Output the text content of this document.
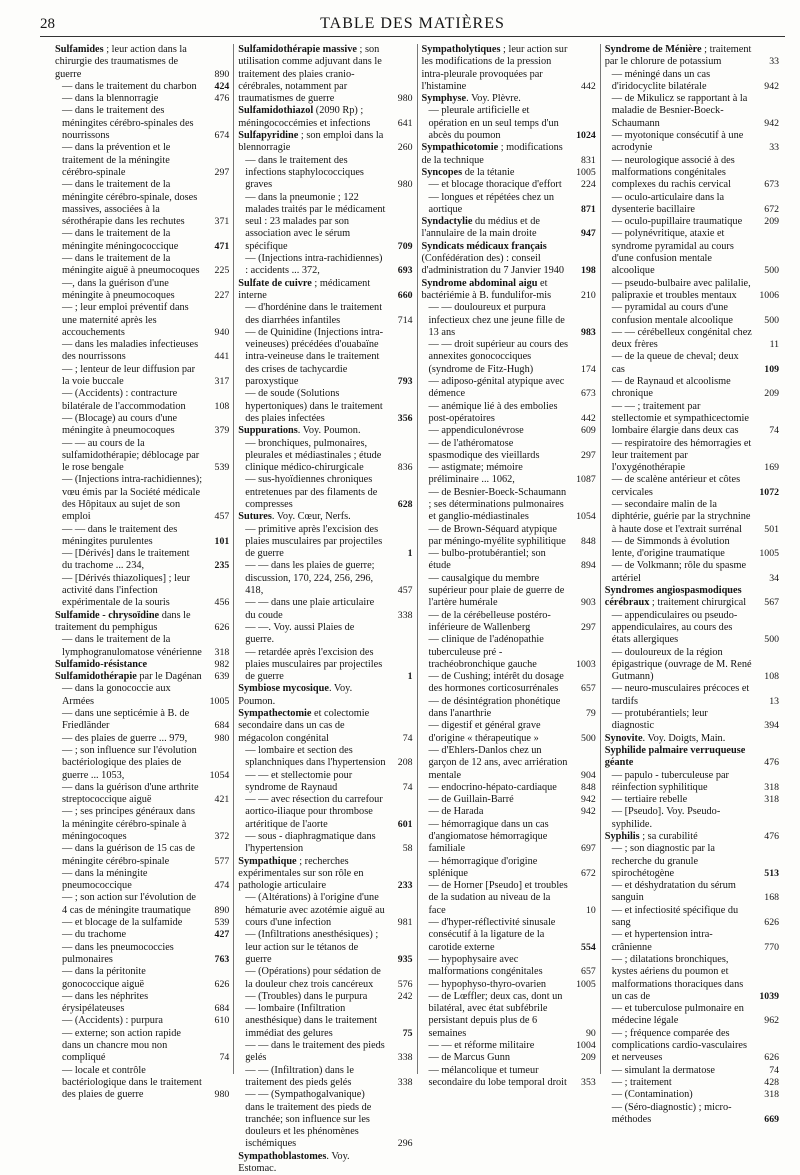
28	TABLE DES MATIÈRES
Sulfamides ; leur action dans la chirurgie des traumatismes de guerre	890
— dans le traitement du charbon	424
— dans la blennorragie	476
— dans le traitement des méningites cérébro-spinales des nourrissons	674
— dans la prévention et le traitement de la méningite cérébro-spinale	297
— dans le traitement de la méningite cérébro-spinale, doses massives, associées à la sérothérapie dans les rechutes	371
— dans le traitement de la méningite méningococcique	471
— dans le traitement de la méningite aiguë à pneumocoques	225
—, dans la guérison d'une méningite à pneumocoques	227
— ; leur emploi préventif dans une maternité après les accouchements	940
— dans les maladies infectieuses des nourrissons	441
— ; lenteur de leur diffusion par la voie buccale	317
— (Accidents) : contracture bilatérale de l'accommodation	108
— (Blocage) au cours d'une méningite à pneumocoques	379
— — au cours de la sulfamidothérapie; déblocage par le rose bengale	539
— (Injections intra-rachidiennes); vœu émis par la Société médicale des Hôpitaux au sujet de son emploi	457
— — dans le traitement des méningites purulentes	101
— [Dérivés] dans le traitement du trachome ... 234,	235
— [Dérivés thiazoliques] ; leur activité dans l'infection expérimentale de la souris	456
Sulfamide - chrysoïdine dans le traitement du pemphigus	626
— dans le traitement de la lymphogranulomatose vénérienne	318
Sulfamido-résistance	982
Sulfamidothérapie par le Dagénan	639
— dans la gonococcie aux Armées	1005
— dans une septicémie à B. de Friedländer	684
— des plaies de guerre ... 979,	980
— ; son influence sur l'évolution bactériologique des plaies de guerre ... 1053,	1054
— dans la guérison d'une arthrite streptococcique aiguë	421
— ; ses principes généraux dans la méningite cérébro-spinale à méningocoques	372
— dans la guérison de 15 cas de méningite cérébro-spinale	577
— dans la méningite pneumococcique	474
— ; son action sur l'évolution de 4 cas de méningite traumatique	890
— et blocage de la sulfamide	539
— du trachome	427
— dans les pneumococcies pulmonaires	763
— dans la péritonite gonococcique aiguë	626
— dans les néphrites érysipélateuses	684
— (Accidents) : purpura	610
— externe; son action rapide dans un chancre mou non compliqué	74
— locale et contrôle bactériologique dans le traitement des plaies de guerre	980
Sulfamidothérapie massive ; son utilisation comme adjuvant dans le traitement des plaies cranio-cérébrales, notamment par traumatismes de guerre	980
Sulfamidothiazol (2090 Rp) ; méningococcémies et infections	641
Sulfapyridine ; son emploi dans la blennorragie	260
— dans le traitement des infections staphylococciques graves	980
— dans la pneumonie ; 122 malades traités par le médicament seul : 23 malades par son association avec le sérum spécifique	709
— (Injections intra-rachidiennes) : accidents ... 372,	693
Sulfate de cuivre ; médicament interne	660
— d'hordénine dans le traitement des diarrhées infantiles	714
— de Quinidine (Injections intra-veineuses) précédées d'ouabaïne intra-veineuse dans le traitement des crises de tachycardie paroxystique	793
— de soude (Solutions hypertoniques) dans le traitement des plaies infectées	356
Suppurations. Voy. Poumon.
— bronchiques, pulmonaires, pleurales et médiastinales ; étude clinique médico-chirurgicale	836
— sus-hyoïdiennes chroniques entretenues par des filaments de compresses	628
Sutures. Voy. Cœur, Nerfs.
— primitive après l'excision des plaies musculaires par projectiles de guerre	1
— — dans les plaies de guerre; discussion, 170, 224, 256, 296, 418,	457
— — dans une plaie articulaire du coude	338
— —. Voy. aussi Plaies de guerre.
— retardée après l'excision des plaies musculaires par projectiles de guerre	1
Symbiose mycosique. Voy. Poumon.
Sympathectomie et colectomie secondaire dans un cas de mégacolon congénital	74
— lombaire et section des splanchniques dans l'hypertension	208
— — et stellectomie pour syndrome de Raynaud	74
— — avec résection du carrefour aortico-iliaque pour thrombose artéritique de l'aorte	601
— sous - diaphragmatique dans l'hypertension	58
Sympathique ; recherches expérimentales sur son rôle en pathologie articulaire	233
— (Altérations) à l'origine d'une hématurie avec azotémie aiguë au cours d'une infection	981
— (Infiltrations anesthésiques) ; leur action sur le tétanos de guerre	935
— (Opérations) pour sédation de la douleur chez trois cancéreux	576
— (Troubles) dans le purpura	242
— lombaire (Infiltration anesthésique) dans le traitement immédiat des gelures	75
— — dans le traitement des pieds gelés	338
— — (Infiltration) dans le traitement des pieds gelés	338
— — (Sympathogalvanique) dans le traitement des pieds de tranchée; son influence sur les douleurs et les phénomènes ischémiques	296
Sympathoblastomes. Voy. Estomac.
Sympatholytiques ; leur action sur les modifications de la pression intra-pleurale provoquées par l'histamine	442
Symphyse. Voy. Plèvre.
— pleurale artificielle et opération en un seul temps d'un abcès du poumon	1024
Sympathicotomie ; modifications de la technique	831
Syncopes de la tétanie	1005
— et blocage thoracique d'effort	224
— longues et répétées chez un aortique	871
Syndactylie du médius et de l'annulaire de la main droite	947
Syndicats médicaux français (Confédération des) : conseil d'administration du 7 Janvier 1940	198
Syndrome abdominal aigu et bactériémie à B. fundulifor-mis	210
— — douloureux et purpura infectieux chez une jeune fille de 13 ans	983
— — droit supérieur au cours des annexites gonococciques (syndrome de Fitz-Hugh)	174
— adiposo-génital atypique avec démence	673
— anémique lié à des embolies post-opératoires	442
— appendiculonévrose	609
— de l'athéromatose spasmodique des vieillards	297
— astigmate; mémoire préliminaire ... 1062,	1087
— de Besnier-Boeck-Schaumann ; ses déterminations pulmonaires et ganglio-médiastinales	1054
— de Brown-Séquard atypique par méningo-myélite syphilitique	848
— bulbo-protubérantiel; son étude	894
— causalgique du membre supérieur pour plaie de guerre de l'artère humérale	903
— de la cérébelleuse postéro-inférieure de Wallenberg	297
— clinique de l'adénopathie tuberculeuse pré - trachéobronchique gauche	1003
— de Cushing; intérêt du dosage des hormones corticosurrénales	657
— de désintégration phonétique dans l'anarthrie	79
— digestif et général grave d'origine « thérapeutique »	500
— d'Ehlers-Danlos chez un garçon de 12 ans, avec arriération mentale	904
— endocrino-hépato-cardiaque	848
— de Guillain-Barré	942
— de Harada	942
— hémorragique dans un cas d'angiomatose hémorragique familiale	697
— hémorragique d'origine splénique	672
— de Horner [Pseudo] et troubles de la sudation au niveau de la face	10
— d'hyper-réflectivité sinusale consécutif à la ligature de la carotide externe	554
— hypophysaire avec malformations congénitales	657
— hypophyso-thyro-ovarien	1005
— de Lœffler; deux cas, dont un bilatéral, avec état subfébrile persistant depuis plus de 6 semaines	90
— — et réforme militaire	1004
— de Marcus Gunn	209
— mélancolique et tumeur secondaire du lobe temporal droit	353
Syndrome de Ménière ; traitement par le chlorure de potassium	33
— méningé dans un cas d'iridocyclite bilatérale	942
— de Mikulicz se rapportant à la maladie de Besnier-Boeck-Schaumann	942
— myotonique consécutif à une acrodynie	33
— neurologique associé à des malformations congénitales complexes du rachis cervical	673
— oculo-articulaire dans la dysenterie bacillaire	672
— oculo-pupillaire traumatique	209
— polynévritique, ataxie et syndrome pyramidal au cours d'une confusion mentale alcoolique	500
— pseudo-bulbaire avec palilalie, palipraxie et troubles mentaux	1006
— pyramidal au cours d'une confusion mentale alcoolique	500
— — cérébelleux congénital chez deux frères	11
— de la queue de cheval; deux cas	109
— de Raynaud et alcoolisme chronique	209
— — ; traitement par stellectomie et sympathicectomie lombaire élargie dans deux cas	74
— respiratoire des hémorragies et leur traitement par l'oxygénothérapie	169
— de scalène antérieur et côtes cervicales	1072
— secondaire malin de la diphtérie, guérie par la strychnine à haute dose et l'extrait surrénal	501
— de Simmonds à évolution lente, d'origine traumatique	1005
— de Volkmann; rôle du spasme artériel	34
Syndromes angiospasmodiques cérébraux ; traitement chirurgical	567
— appendiculaires ou pseudo-appendiculaires, au cours des états allergiques	500
— douloureux de la région épigastrique (ouvrage de M. René Gutmann)	108
— neuro-musculaires précoces et tardifs	13
— protubérantiels; leur diagnostic	394
Synovite. Voy. Doigts, Main.
Syphilide palmaire verruqueuse géante	476
— papulo - tuberculeuse par réinfection syphilitique	318
— tertiaire rebelle	318
— [Pseudo]. Voy. Pseudo-syphilide.
Syphilis ; sa curabilité	476
— ; son diagnostic par la recherche du granule spirochétogène	513
— et déshydratation du sérum sanguin	168
— et infectiosité spécifique du sang	626
— et hypertension intra-crânienne	770
— ; dilatations bronchiques, kystes aériens du poumon et malformations thoraciques dans un cas de	1039
— et tuberculose pulmonaire en médecine légale	962
— ; fréquence comparée des complications cardio-vasculaires et nerveuses	626
— simulant la dermatose	74
— ; traitement	428
— (Contamination)	318
— (Séro-diagnostic) ; micro-méthodes	669
